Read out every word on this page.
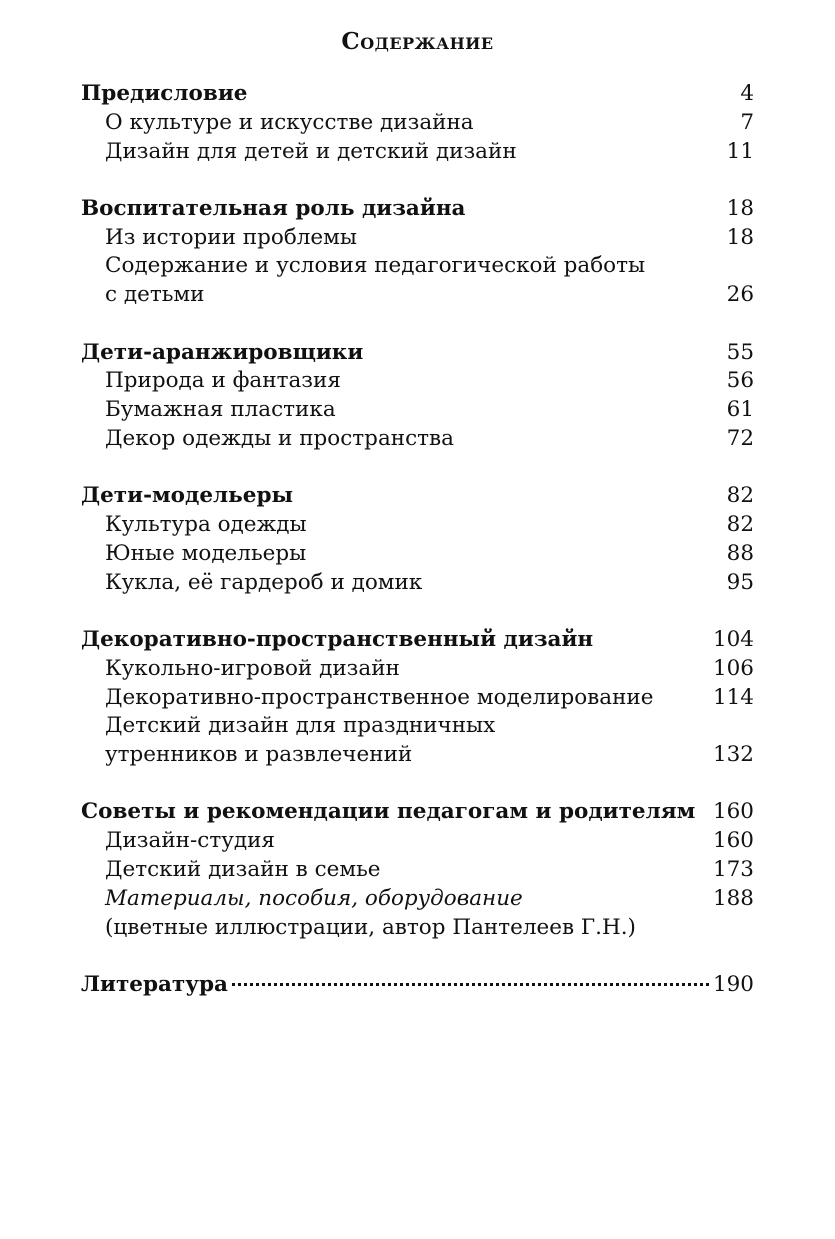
Содержание
Предисловие	4
О культуре и искусстве дизайна	7
Дизайн для детей и детский дизайн	11
Воспитательная роль дизайна	18
Из истории проблемы	18
Содержание и условия педагогической работы
с детьми	26
Дети-аранжировщики	55
Природа и фантазия	56
Бумажная пластика	61
Декор одежды и пространства	72
Дети-модельеры	82
Культура одежды	82
Юные модельеры	88
Кукла, её гардероб и домик	95
Декоративно-пространственный дизайн	104
Кукольно-игровой дизайн	106
Декоративно-пространственное моделирование	114
Детский дизайн для праздничных
утренников и развлечений	132
Советы и рекомендации педагогам и родителям 160
Дизайн-студия	160
Детский дизайн в семье	173
Материалы, пособия, оборудование	188
(цветные иллюстрации, автор Пантелеев Г.Н.)
Литература	190
